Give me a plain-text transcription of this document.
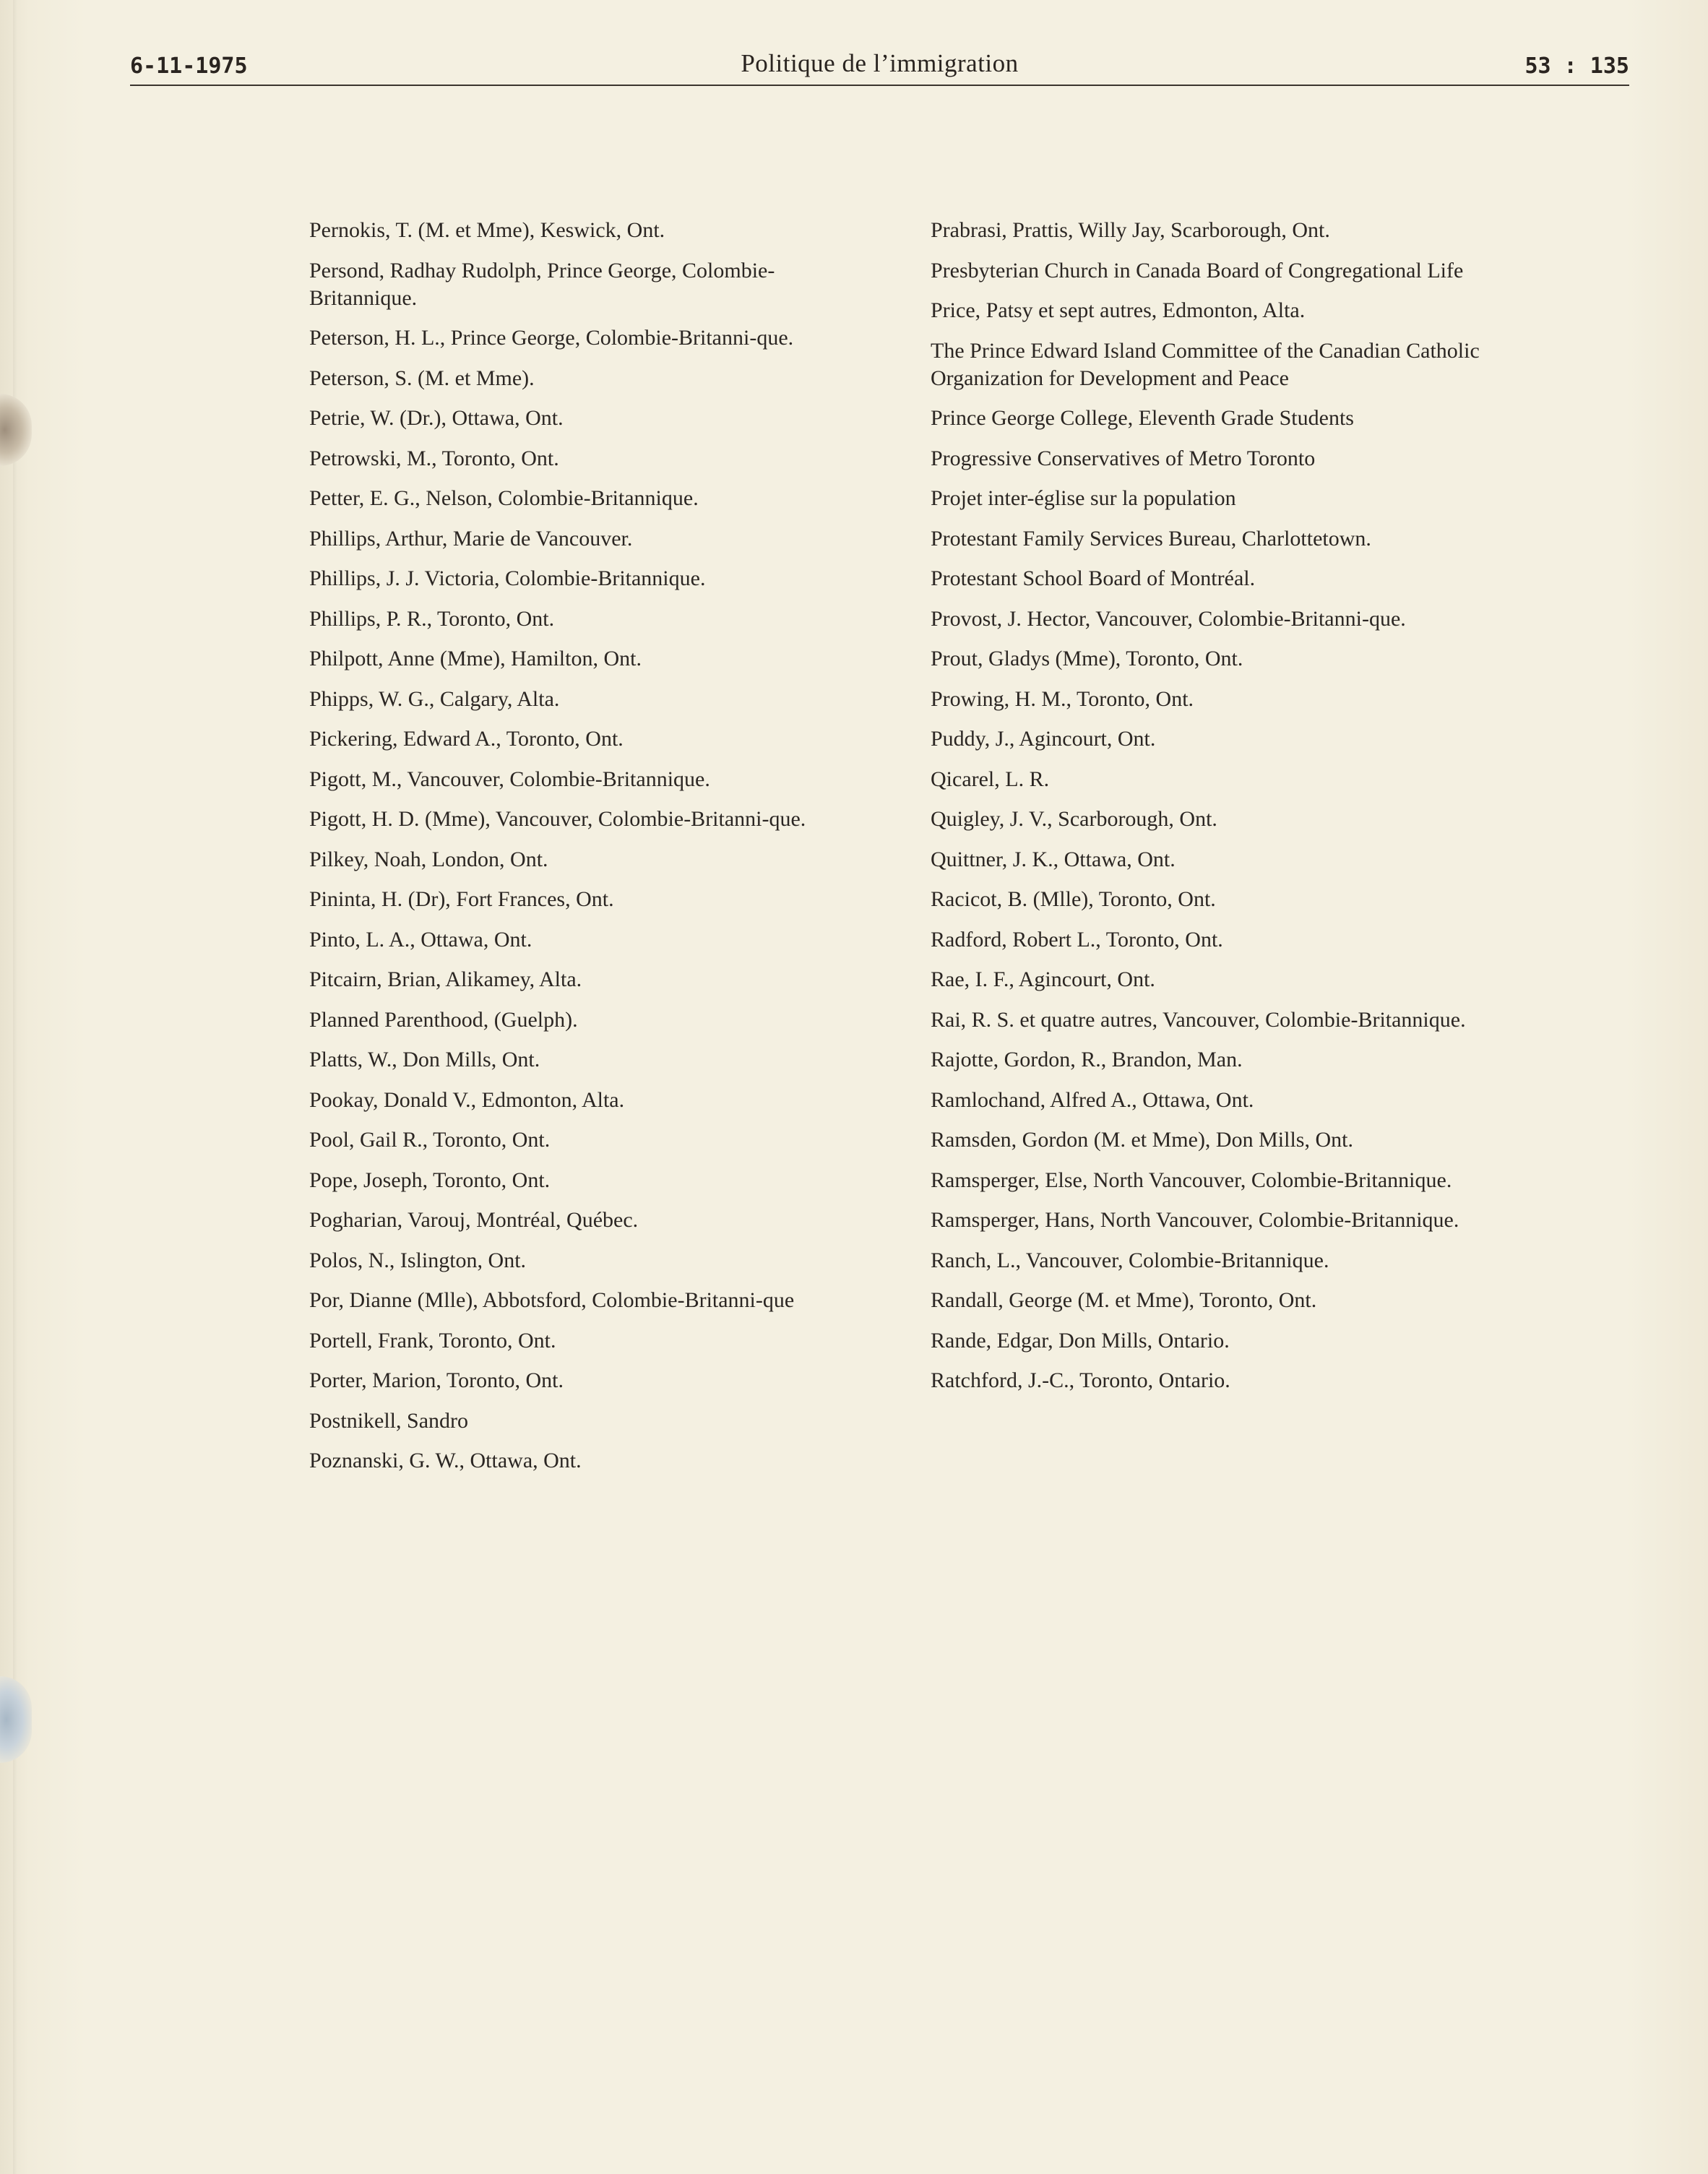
6-11-1975	Politique de l’immigration	53 : 135
Pernokis, T. (M. et Mme), Keswick, Ont.
Persond, Radhay Rudolph, Prince George, Colombie-Britannique.
Peterson, H. L., Prince George, Colombie-Britanni-que.
Peterson, S. (M. et Mme).
Petrie, W. (Dr.), Ottawa, Ont.
Petrowski, M., Toronto, Ont.
Petter, E. G., Nelson, Colombie-Britannique.
Phillips, Arthur, Marie de Vancouver.
Phillips, J. J. Victoria, Colombie-Britannique.
Phillips, P. R., Toronto, Ont.
Philpott, Anne (Mme), Hamilton, Ont.
Phipps, W. G., Calgary, Alta.
Pickering, Edward A., Toronto, Ont.
Pigott, M., Vancouver, Colombie-Britannique.
Pigott, H. D. (Mme), Vancouver, Colombie-Britanni-que.
Pilkey, Noah, London, Ont.
Pininta, H. (Dr), Fort Frances, Ont.
Pinto, L. A., Ottawa, Ont.
Pitcairn, Brian, Alikamey, Alta.
Planned Parenthood, (Guelph).
Platts, W., Don Mills, Ont.
Pookay, Donald V., Edmonton, Alta.
Pool, Gail R., Toronto, Ont.
Pope, Joseph, Toronto, Ont.
Pogharian, Varouj, Montréal, Québec.
Polos, N., Islington, Ont.
Por, Dianne (Mlle), Abbotsford, Colombie-Britanni-que
Portell, Frank, Toronto, Ont.
Porter, Marion, Toronto, Ont.
Postnikell, Sandro
Poznanski, G. W., Ottawa, Ont.
Prabrasi, Prattis, Willy Jay, Scarborough, Ont.
Presbyterian Church in Canada Board of Congregational Life
Price, Patsy et sept autres, Edmonton, Alta.
The Prince Edward Island Committee of the Canadian Catholic Organization for Development and Peace
Prince George College, Eleventh Grade Students
Progressive Conservatives of Metro Toronto
Projet inter-église sur la population
Protestant Family Services Bureau, Charlottetown.
Protestant School Board of Montréal.
Provost, J. Hector, Vancouver, Colombie-Britanni-que.
Prout, Gladys (Mme), Toronto, Ont.
Prowing, H. M., Toronto, Ont.
Puddy, J., Agincourt, Ont.
Qicarel, L. R.
Quigley, J. V., Scarborough, Ont.
Quittner, J. K., Ottawa, Ont.
Racicot, B. (Mlle), Toronto, Ont.
Radford, Robert L., Toronto, Ont.
Rae, I. F., Agincourt, Ont.
Rai, R. S. et quatre autres, Vancouver, Colombie-Britannique.
Rajotte, Gordon, R., Brandon, Man.
Ramlochand, Alfred A., Ottawa, Ont.
Ramsden, Gordon (M. et Mme), Don Mills, Ont.
Ramsperger, Else, North Vancouver, Colombie-Britannique.
Ramsperger, Hans, North Vancouver, Colombie-Britannique.
Ranch, L., Vancouver, Colombie-Britannique.
Randall, George (M. et Mme), Toronto, Ont.
Rande, Edgar, Don Mills, Ontario.
Ratchford, J.-C., Toronto, Ontario.
